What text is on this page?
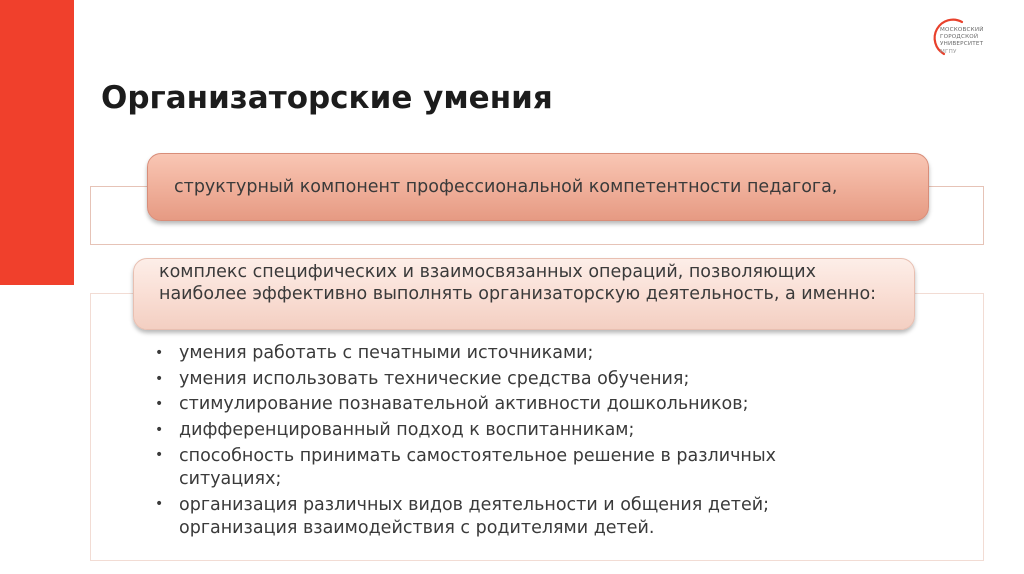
МОСКОВСКИЙ
ГОРОДСКОЙ
УНИВЕРСИТЕТ
МГПУ
Организаторские умения
структурный компонент профессиональной компетентности педагога,

комплекс специфических и взаимосвязанных операций, позволяющих наиболее эффективно выполнять организаторскую деятельность, а именно:

• умения работать с печатными источниками;
• умения использовать технические средства обучения;
• стимулирование познавательной активности дошкольников;
• дифференцированный подход к воспитанникам;
• способность принимать самостоятельное решение в различных ситуациях;
• организация различных видов деятельности и общения детей; организация взаимодействия с родителями детей.
